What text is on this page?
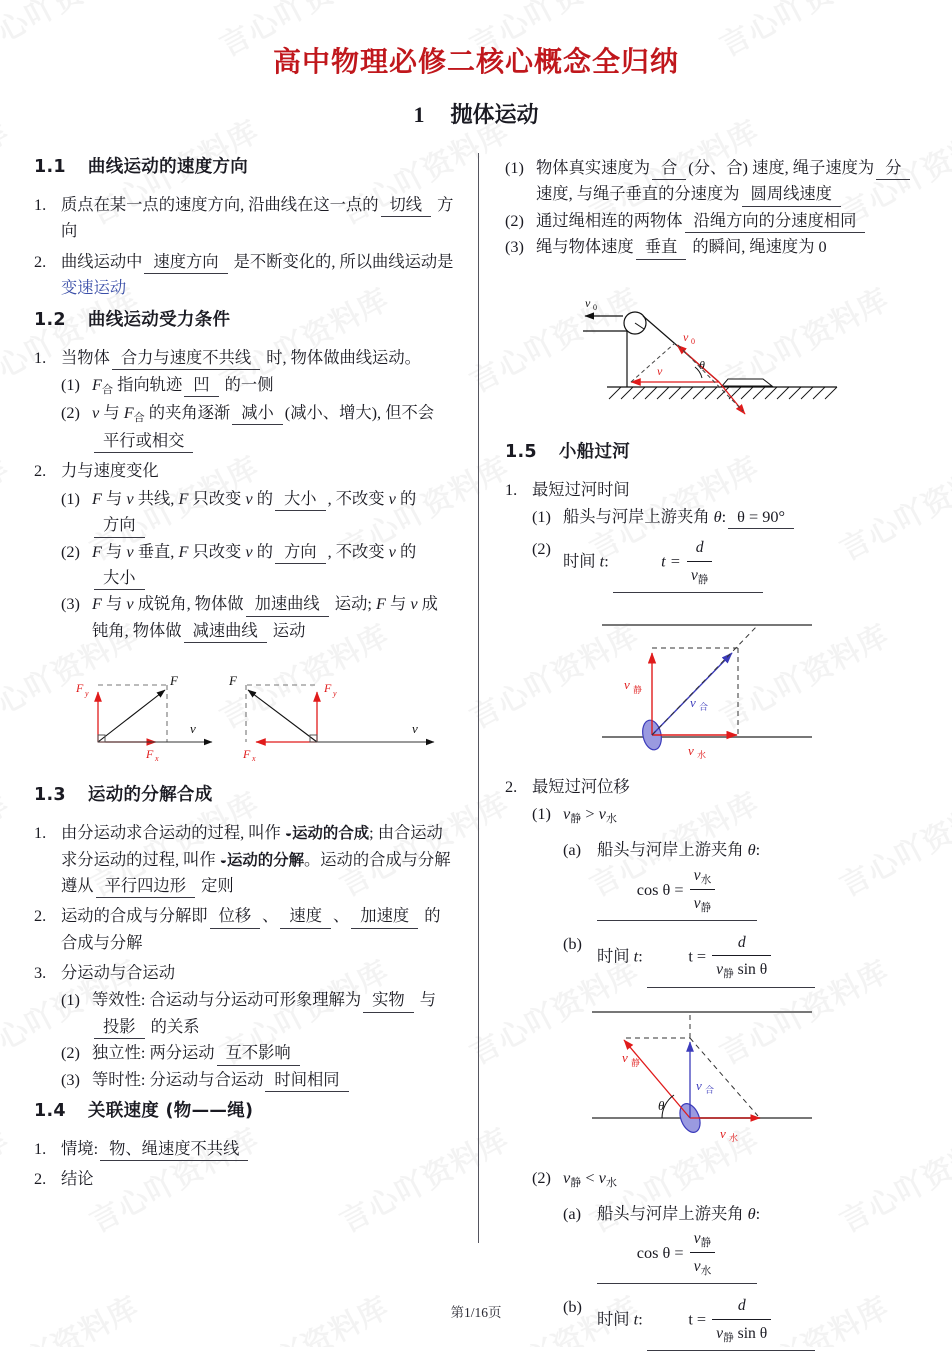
高中物理必修二核心概念全归纳
1 抛体运动
1.1 曲线运动的速度方向
1. 质点在某一点的速度方向, 沿曲线在这一点的 切线 方向
2. 曲线运动中 速度方向 是不断变化的, 所以曲线运动是变速运动
1.2 曲线运动受力条件
1. 当物体 合力与速度不共线 时, 物体做曲线运动。
(1) $F_合$ 指向轨迹 凹 的一侧
(2) v 与 $F_合$ 的夹角逐渐 减小 (减小、增大), 但不会平行或相交
2. 力与速度变化
(1) F 与 v 共线, F 只改变 v 的 大小 , 不改变 v 的方向
(2) F 与 v 垂直, F 只改变 v 的 方向 , 不改变 v 的大小
(3) F 与 v 成锐角, 物体做 加速曲线 运动; F 与 v 成钝角, 物体做 减速曲线 运动
F y
F x
F
v
F y
F x
F
v
1.3 运动的分解合成
1. 由分运动求合运动的过程, 叫作 ◒运动的合成; 由合运动求分运动的过程, 叫作 ◒运动的分解。运动的合成与分解遵从 平行四边形 定则
2. 运动的合成与分解即 位移 、 速度 、 加速度 的合成与分解
3. 分运动与合运动
(1) 等效性: 合运动与分运动可形象理解为 实物 与投影 的关系
(2) 独立性: 两分运动 互不影响
(3) 等时性: 分运动与合运动 时间相同
1.4 关联速度 (物——绳)
1. 情境: 物、绳速度不共线
2. 结论
(1) 物体真实速度为 合 (分、合) 速度, 绳子速度为 分 速度, 与绳子垂直的分速度为 圆周线速度
(2) 通过绳相连的两物体 沿绳方向的分速度相同
(3) 绳与物体速度 垂直 的瞬间, 绳速度为 0
v 0
v 0
v	θ
1.5 小船过河
1. 最短过河时间
(1) 船头与河岸上游夹角 θ: θ = 90°
(2)
时间 t:	$t = \frac{d}{v_静}$
v 静
v 水
v 合
2. 最短过河位移
(1) $v_静 > v_水$
(a) 船头与河岸上游夹角 θ: $\cos \theta = \frac{v_水}{v_静}$
(b)
时间 t:	$t = \frac{d}{v_静 \sin \theta}$
v 静
v 水
v 合
θ
(2) $v_静 < v_水$
(a) 船头与河岸上游夹角 θ: $\cos \theta = \frac{v_静}{v_水}$
(b)
时间 t:	$t = \frac{d}{v_静 \sin \theta}$
第1/16页
